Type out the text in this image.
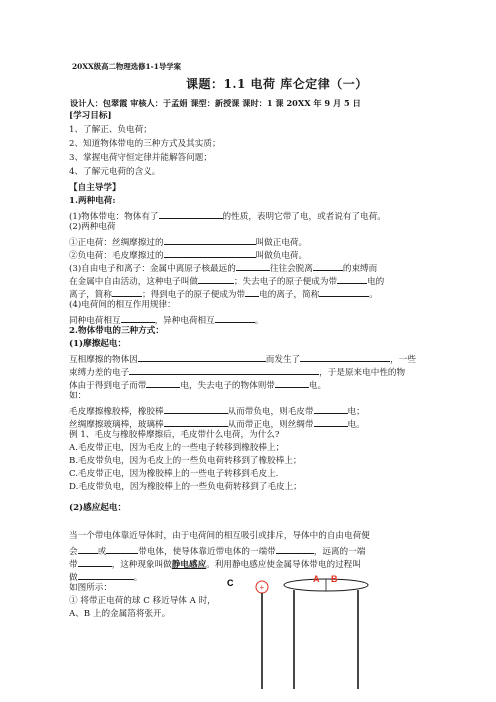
20XX级高二物理选修1-1导学案
课题：1.1 电荷 库仑定律（一）
设计人：包翠霞 审核人：于孟娟 课型：新授课 课时：1 课 20XX 年 9 月 5 日
[学习目标]
1、了解正、负电荷；
2、知道物体带电的三种方式及其实质；
3、掌握电荷守恒定律并能解答问题；
4、了解元电荷的含义。
【自主导学】
1.两种电荷:
(1)物体带电：物体有了	的性质，表明它带了电，或者说有了电荷。
(2)两种电荷
①正电荷：丝绸摩擦过的	叫做正电荷。
②负电荷：毛皮摩擦过的	叫做负电荷。
(3)自由电子和离子：金属中离原子核最远的	往往会脱离	的束缚而
在金属中自由活动，这种电子叫做	；失去电子的原子便成为带	电的
离子，简称	；得到电子的原子便成为带 电的离子，简称	。
(4)电荷间的相互作用规律：
同种电荷相互	，异种电荷相互	。
2.物体带电的三种方式：
(1)摩擦起电：
互相摩擦的物体因	而发生了	，一些
束缚力差的电子	，于是原来电中性的物
体由于得到电子而带	电，失去电子的物体则带	电。
如：
毛皮摩擦橡胶棒，橡胶棒	从而带负电，则毛皮带	电；
丝绸摩擦玻璃棒，玻璃棒	从而带正电，则丝绸带	电。
例 1、毛皮与橡胶棒摩擦后，毛皮带什么电荷，为什么?
A.毛皮带正电，因为毛皮上的一些电子转移到橡胶棒上；
B.毛皮带负电，因为毛皮上的一些负电荷转移到了橡胶棒上；
C.毛皮带正电，因为橡胶棒上的一些电子转移到毛皮上.
D.毛皮带负电，因为橡胶棒上的一些负电荷转移到了毛皮上；
(2)感应起电：
当一个带电体靠近导体时，由于电荷间的相互吸引或排斥，导体中的自由电荷便
会 或	带电体，使导体靠近带电体的一端带	，远离的一端
带	，这种现象叫做静电感应。利用静电感应使金属导体带电的过程叫
做	。
如图所示：
① 将带正电荷的球 C 移近导体 A 时，
A、B 上的金属箔将张开。
C	+
A B
